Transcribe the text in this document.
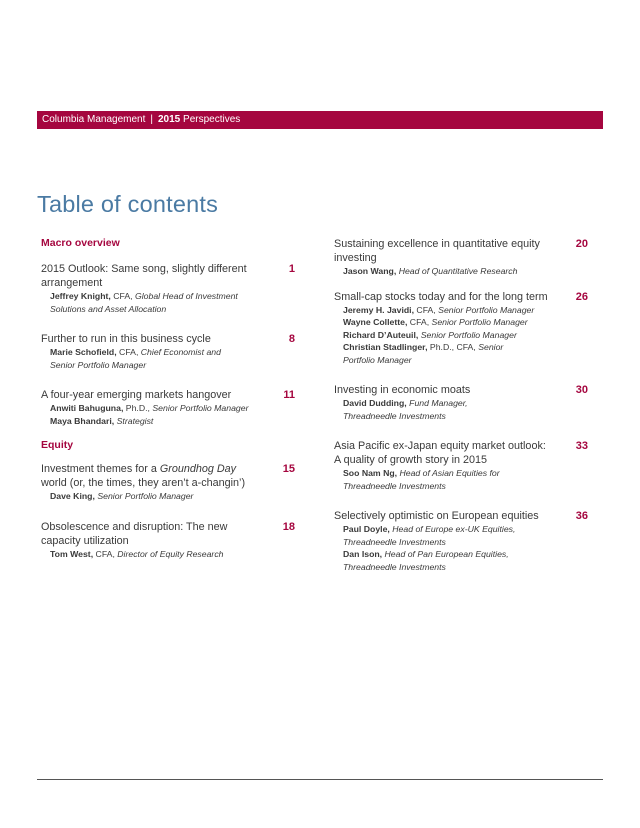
Columbia Management | 2015 Perspectives
Table of contents

Macro overview

2015 Outlook: Same song, slightly different arrangement
1
Jeffrey Knight, CFA, Global Head of Investment
Solutions and Asset Allocation
Further to run in this business cycle	8
Marie Schofield, CFA, Chief Economist and
Senior Portfolio Manager
A four-year emerging markets hangover	11
Anwiti Bahuguna, Ph.D., Senior Portfolio Manager
Maya Bhandari, Strategist

Equity

Investment themes for a Groundhog Day world (or, the times, they aren’t a-changin’)
15
Dave King, Senior Portfolio Manager
Obsolescence and disruption: The new capacity utilization
18
Tom West, CFA, Director of Equity Research
Sustaining excellence in quantitative equity investing
20
Jason Wang, Head of Quantitative Research
Small-cap stocks today and for the long term	26
Jeremy H. Javidi, CFA, Senior Portfolio Manager
Wayne Collette, CFA, Senior Portfolio Manager
Richard D’Auteuil, Senior Portfolio Manager
Christian Stadlinger, Ph.D., CFA, Senior
Portfolio Manager
Investing in economic moats	30
David Dudding, Fund Manager,
Threadneedle Investments
Asia Pacific ex-Japan equity market outlook: A quality of growth story in 2015
33
Soo Nam Ng, Head of Asian Equities for
Threadneedle Investments
Selectively optimistic on European equities	36
Paul Doyle, Head of Europe ex-UK Equities,
Threadneedle Investments
Dan Ison, Head of Pan European Equities,
Threadneedle Investments
